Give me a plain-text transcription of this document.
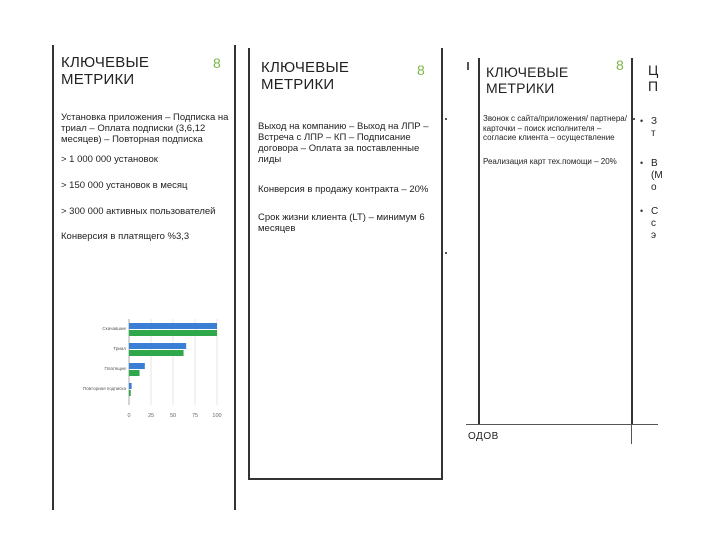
КЛЮЧЕВЫЕ МЕТРИКИ
8

Установка приложения – Подписка на триал – Оплата подписки (3,6,12 месяцев) – Повторная подписка

> 1 000 000 установок

> 150 000 установок в месяц

> 300 000 активных пользователей

Конверсия в платящего %3,3

0	25	50	75	100
Скачавшие
Триал
Платящие
Повторная подписка
КЛЮЧЕВЫЕ МЕТРИКИ
8

Выход на компанию – Выход на ЛПР – Встреча с ЛПР – КП – Подписание договора – Оплата за поставленные лиды

Конверсия в продажу контракта – 20%

Срок жизни клиента (LT) – минимум 6 месяцев

КЛЮЧЕВЫЕ МЕТРИКИ
8

Звонок с сайта/приложения/ партнера/карточки – поиск исполнителя – согласие клиента – осуществление

Реализация карт тех.помощи – 20%

ОДОВ
Ц
П
• З
т
• В
(М
о
• С
с
э
